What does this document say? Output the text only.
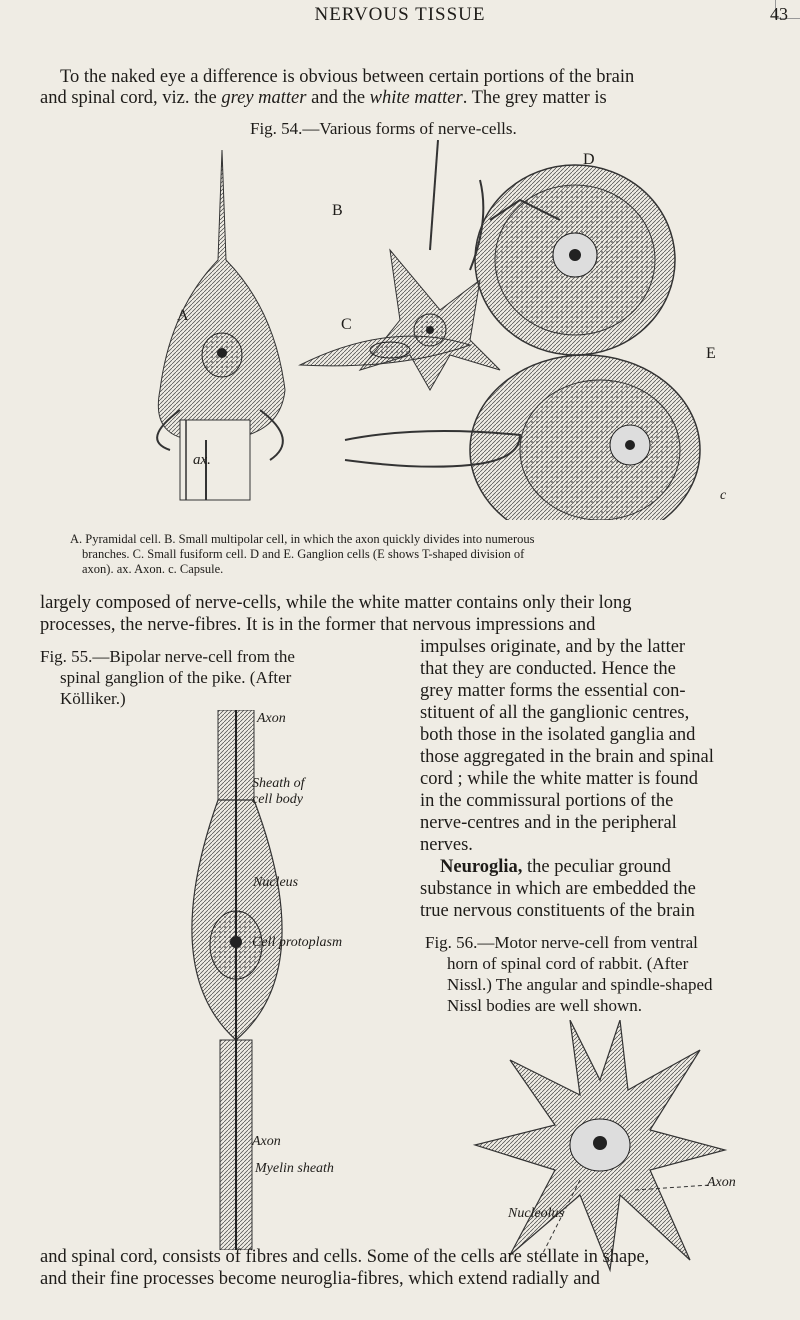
NERVOUS TISSUE	43
To the naked eye a difference is obvious between certain portions of the brain
and spinal cord, viz. the grey matter and the white matter. The grey matter is
Fig. 54.—Various forms of nerve-cells.
A
B
C
D
E
ax.
c
A. Pyramidal cell. B. Small multipolar cell, in which the axon quickly divides into numerous
branches. C. Small fusiform cell. D and E. Ganglion cells (E shows T-shaped division of
axon). ax. Axon. c. Capsule.
largely composed of nerve-cells, while the white matter contains only their long
processes, the nerve-fibres. It is in the former that nervous impressions and
impulses originate, and by the latter
that they are conducted. Hence the
grey matter forms the essential con-
stituent of all the ganglionic centres,
both those in the isolated ganglia and
those aggregated in the brain and spinal
cord ; while the white matter is found
in the commissural portions of the
nerve-centres and in the peripheral
nerves.
Neuroglia, the peculiar ground
substance in which are embedded the
true nervous constituents of the brain
Fig. 55.—Bipolar nerve-cell from the
spinal ganglion of the pike. (After
Kölliker.)
Axon
Sheath of
cell body
Nucleus
Cell protoplasm
Axon
Myelin sheath
Fig. 56.—Motor nerve-cell from ventral
horn of spinal cord of rabbit. (After
Nissl.) The angular and spindle-shaped
Nissl bodies are well shown.
Axon
Nucleolus
and spinal cord, consists of fibres and cells. Some of the cells are stellate in shape,
and their fine processes become neuroglia-fibres, which extend radially and
